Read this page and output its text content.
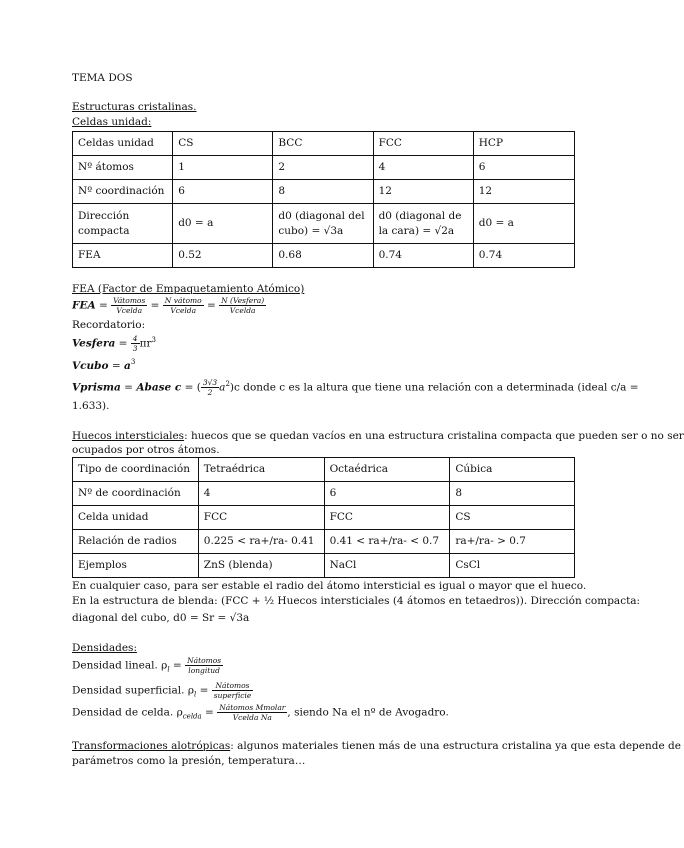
TEMA DOS
Estructuras cristalinas.
Celdas unidad:
Celdas unidad	CS	BCC	FCC	HCP
Nº átomos	1	2	4	6
Nº coordinación	6	8	12	12
Dirección compacta	d0 = a	d0 (diagonal del cubo) = √3a	d0 (diagonal de la cara) = √2a	d0 = a
FEA	0.52	0.68	0.74	0.74
FEA (Factor de Empaquetamiento Atómico)
FEA = $\frac{\text{Vátomos}}{\text{Vcelda}} = \frac{\text{N vátomo}}{\text{Vcelda}} = \frac{\text{N (Vesfera)}}{\text{Vcelda}}$
Recordatorio:
Vesfera = $\frac{4}{3} \pi r^3$
Vcubo = $a^3$
Vprisma = Abase c = ( $\frac{3√3}{2} a^2)c$ donde c es la altura que tiene una relación con a determinada (ideal c/a =
1.633).
Huecos intersticiales: huecos que se quedan vacíos en una estructura cristalina compacta que pueden ser o no ser
ocupados por otros átomos.
Tipo de coordinación	Tetraédrica	Octaédrica	Cúbica
Nº de coordinación	4	6	8
Celda unidad	FCC	FCC	CS
Relación de radios	0.225 < ra+/ra- 0.41	0.41 < ra+/ra- < 0.7	ra+/ra- > 0.7
Ejemplos	ZnS (blenda)	NaCl	CsCl
En cualquier caso, para ser estable el radio del átomo intersticial es igual o mayor que el hueco.
En la estructura de blenda: (FCC + ½ Huecos intersticiales (4 átomos en tetaedros)). Dirección compacta:
diagonal del cubo, d0 = Sr = √3a
Densidades:
Densidad lineal. $\rho_l = \frac{\text{Nátomos}}{\text{longitud}}$
Densidad superficial. $\rho_l = \frac{\text{Nátomos}}{\text{superficie}}$
Densidad de celda. $\rho_{celda} = \frac{\text{Nátomos Mmolar}}{\text{Vcelda Na}}$ , siendo Na el nº de Avogadro.
Transformaciones alotrópicas: algunos materiales tienen más de una estructura cristalina ya que esta depende de
parámetros como la presión, temperatura…
